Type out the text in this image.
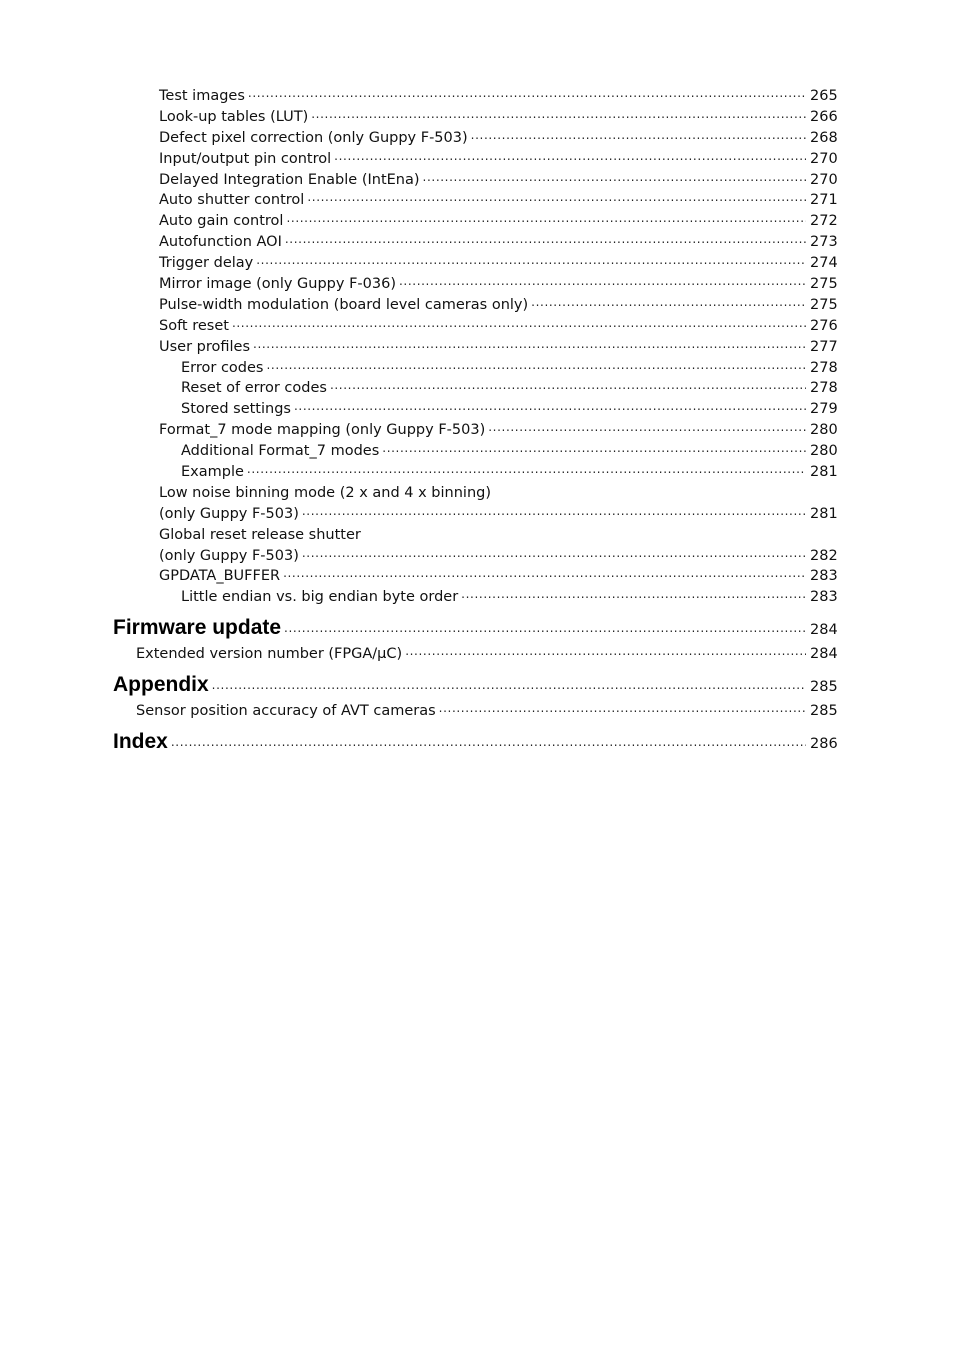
Test images . . .	265
Look-up tables (LUT) . . .	266
Defect pixel correction (only Guppy F-503) . . .	268
Input/output pin control . . .	270
Delayed Integration Enable (IntEna) . . .	270
Auto shutter control . . .	271
Auto gain control . . .	272
Autofunction AOI . . .	273
Trigger delay . . .	274
Mirror image (only Guppy F-036) . . .	275
Pulse-width modulation (board level cameras only) . . .	275
Soft reset . . .	276
User profiles . . .	277
Error codes . . .	278
Reset of error codes . . .	278
Stored settings . . .	279
Format_7 mode mapping (only Guppy F-503) . . .	280
Additional Format_7 modes . . .	280
Example . . .	281
Low noise binning mode (2 x and 4 x binning)
(only Guppy F-503) . . .	281
Global reset release shutter
(only Guppy F-503) . . .	282
GPDATA_BUFFER . . .	283
Little endian vs. big endian byte order . . .	283
Firmware update . . .	284
Extended version number (FPGA/µC) . . .	284
Appendix . . .	285
Sensor position accuracy of AVT cameras . . .	285
Index . . .	286
